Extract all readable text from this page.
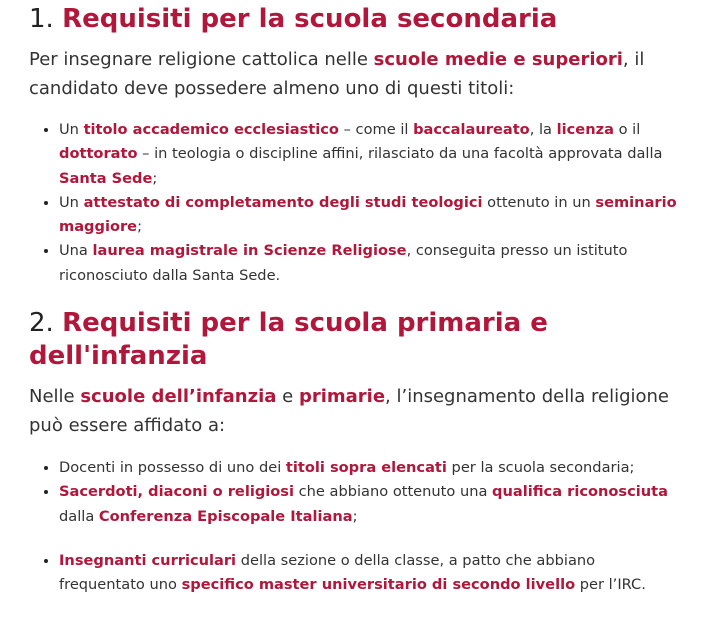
1. Requisiti per la scuola secondaria

Per insegnare religione cattolica nelle scuole medie e superiori, il candidato deve possedere almeno uno di questi titoli:

• Un titolo accademico ecclesiastico – come il baccalaureato, la licenza o il dottorato – in teologia o discipline affini, rilasciato da una facoltà approvata dalla Santa Sede;
• Un attestato di completamento degli studi teologici ottenuto in un seminario maggiore;
• Una laurea magistrale in Scienze Religiose, conseguita presso un istituto riconosciuto dalla Santa Sede.
2. Requisiti per la scuola primaria e dell'infanzia

Nelle scuole dell’infanzia e primarie, l’insegnamento della religione può essere affidato a:

• Docenti in possesso di uno dei titoli sopra elencati per la scuola secondaria;
• Sacerdoti, diaconi o religiosi che abbiano ottenuto una qualifica riconosciuta dalla Conferenza Episcopale Italiana;
• Insegnanti curriculari della sezione o della classe, a patto che abbiano frequentato uno specifico master universitario di secondo livello per l’IRC.
